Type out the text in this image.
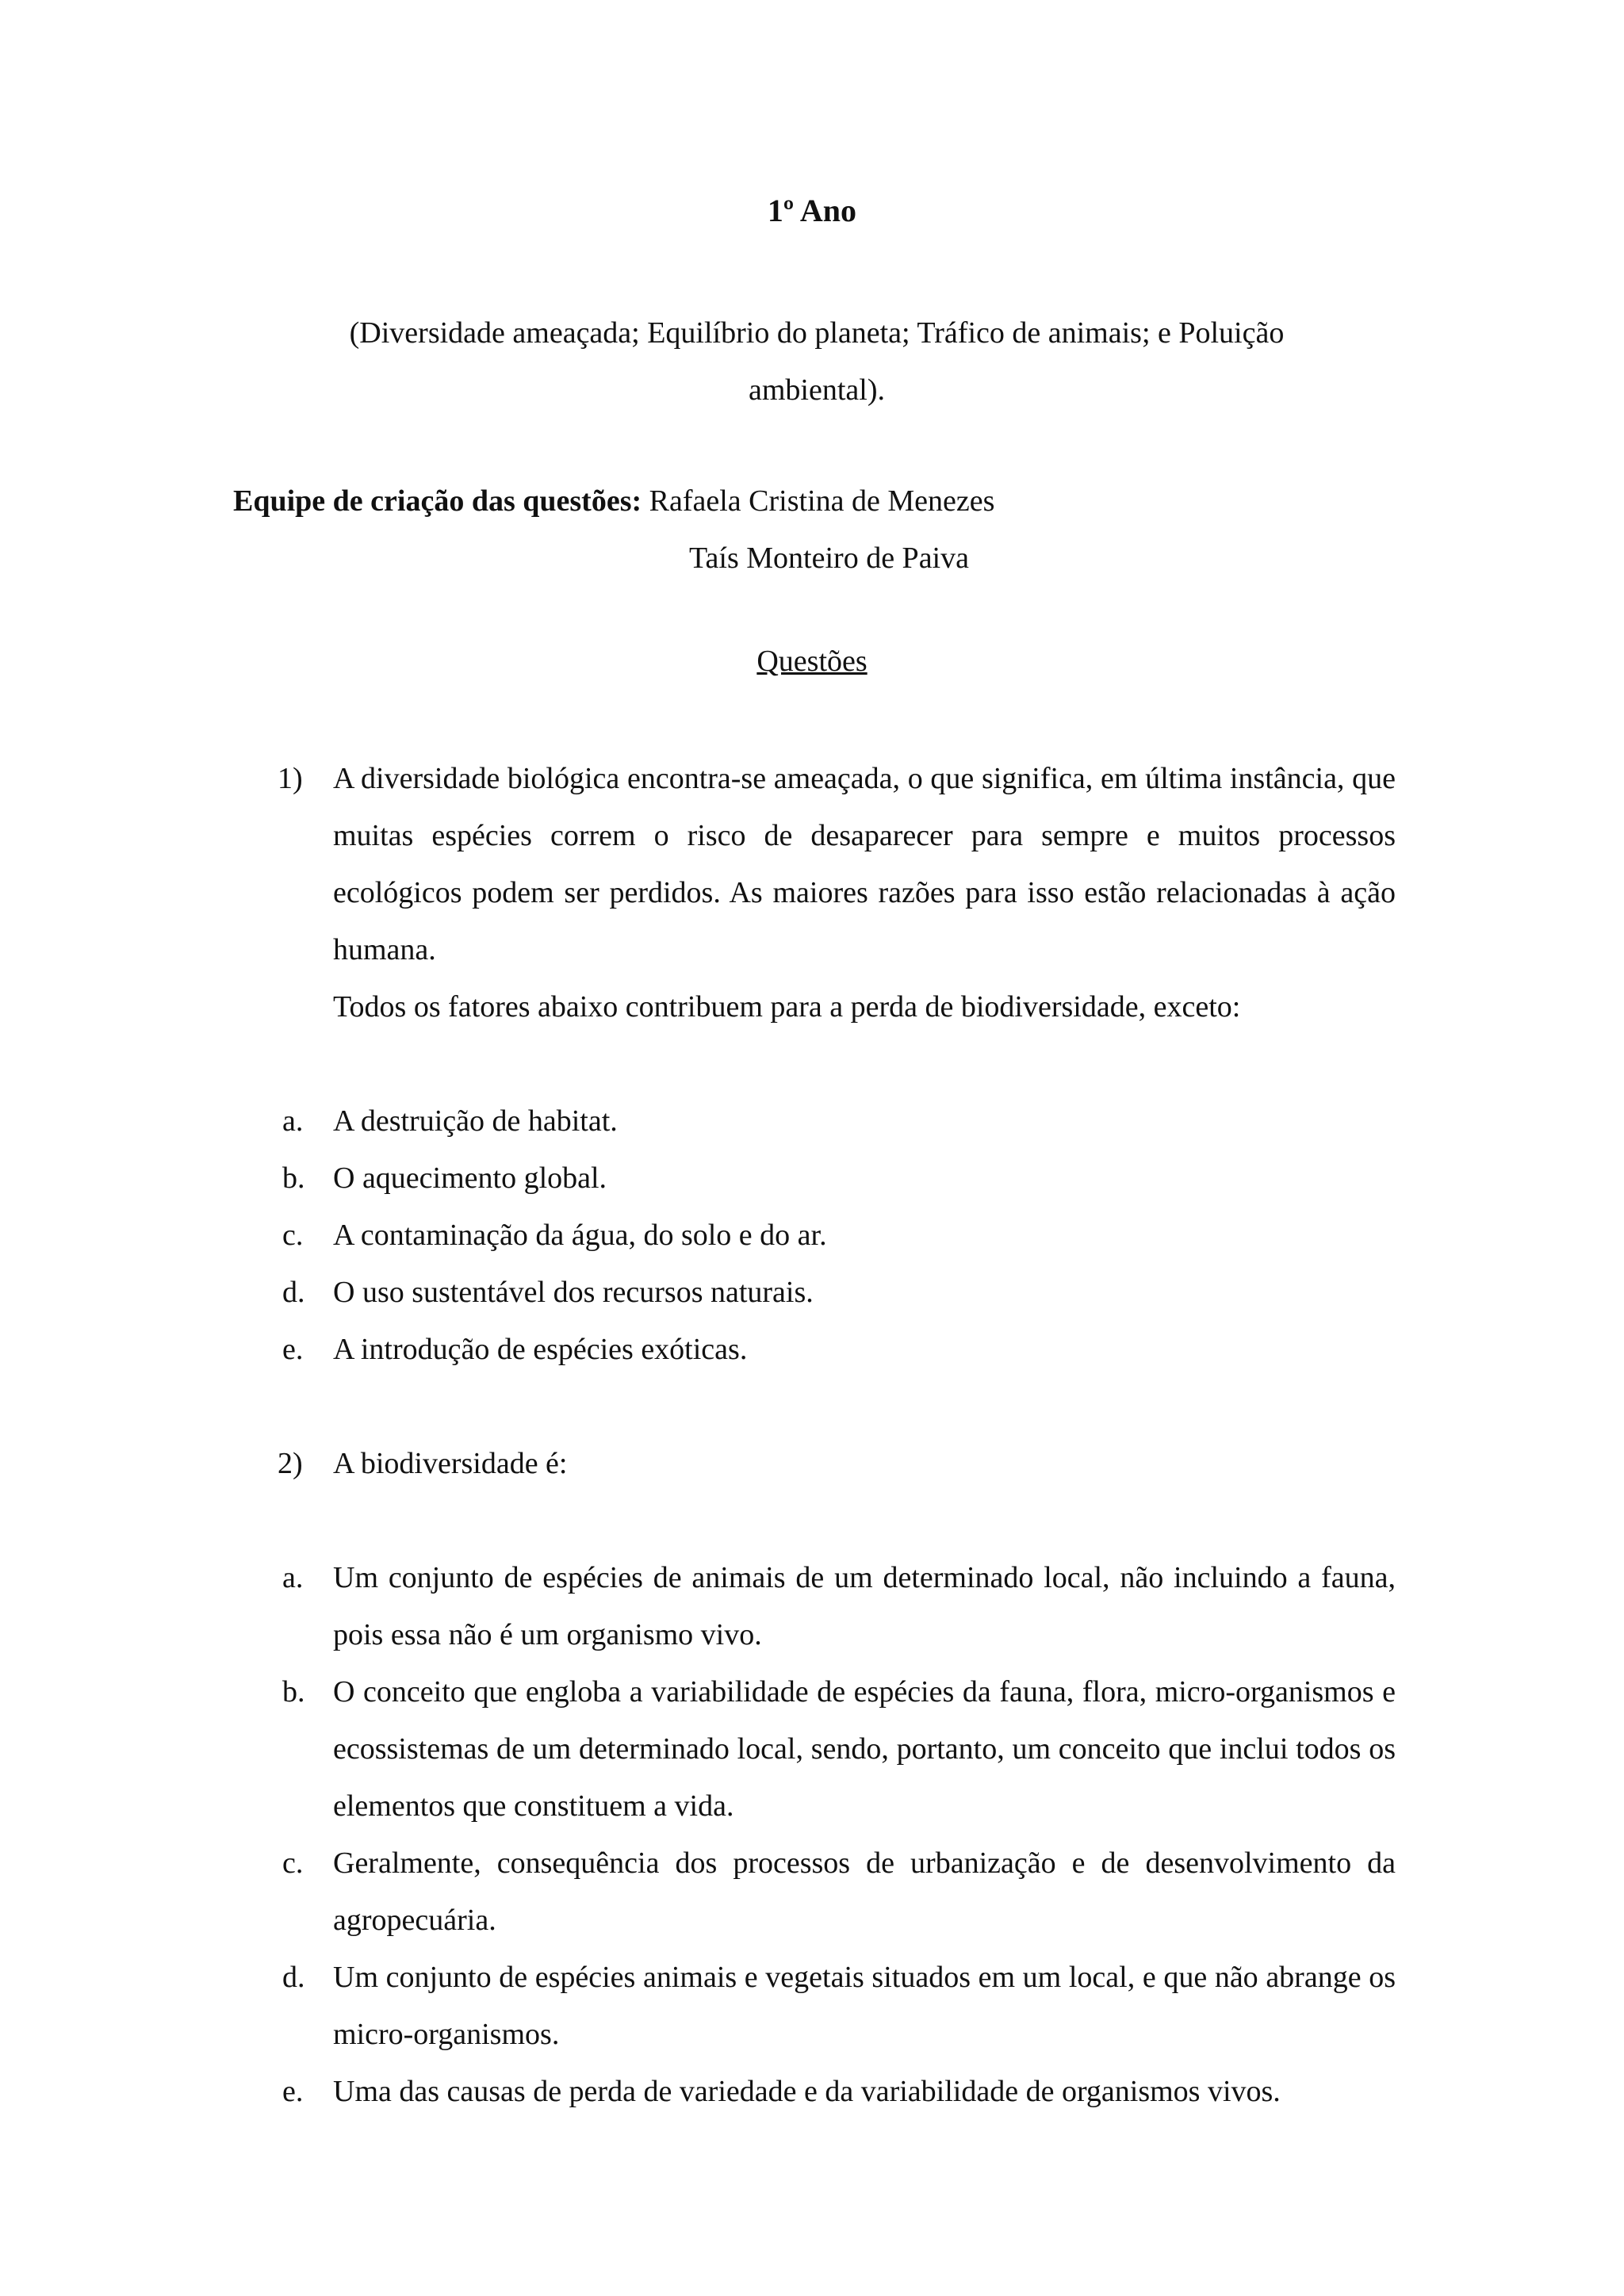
1º Ano
(Diversidade ameaçada; Equilíbrio do planeta; Tráfico de animais; e Poluição ambiental).
Equipe de criação das questões: Rafaela Cristina de Menezes
Taís Monteiro de Paiva
Questões
1)	A diversidade biológica encontra-se ameaçada, o que significa, em última instância, que muitas espécies correm o risco de desaparecer para sempre e muitos processos ecológicos podem ser perdidos. As maiores razões para isso estão relacionadas à ação humana.

Todos os fatores abaixo contribuem para a perda de biodiversidade, exceto:

a. A destruição de habitat.
b. O aquecimento global.
c. A contaminação da água, do solo e do ar.
d. O uso sustentável dos recursos naturais.
e. A introdução de espécies exóticas.
2)	A biodiversidade é:

a. Um conjunto de espécies de animais de um determinado local, não incluindo a fauna, pois essa não é um organismo vivo.
b. O conceito que engloba a variabilidade de espécies da fauna, flora, micro-organismos e ecossistemas de um determinado local, sendo, portanto, um conceito que inclui todos os elementos que constituem a vida.
c. Geralmente, consequência dos processos de urbanização e de desenvolvimento da agropecuária.
d. Um conjunto de espécies animais e vegetais situados em um local, e que não abrange os micro-organismos.
e. Uma das causas de perda de variedade e da variabilidade de organismos vivos.
